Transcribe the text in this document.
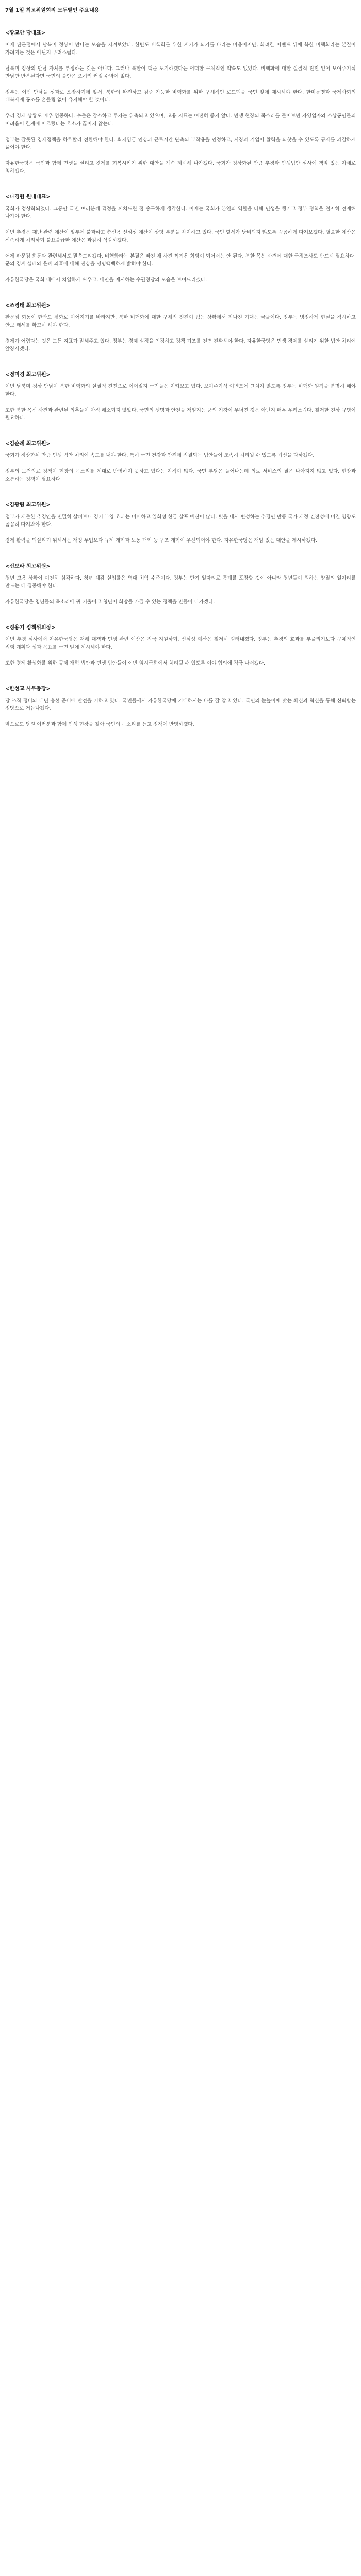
7월 1일 최고위원회의 모두발언 주요내용
<황교안 당대표>

어제 판문점에서 남북미 정상이 만나는 모습을 지켜보았다. 한반도 비핵화를 위한 계기가 되기를 바라는 마음이지만, 화려한 이벤트 뒤에 북한 비핵화라는 본질이 가려지는 것은 아닌지 우려스럽다.

남북미 정상의 만남 자체를 부정하는 것은 아니다. 그러나 북한이 핵을 포기하겠다는 어떠한 구체적인 약속도 없었다. 비핵화에 대한 실질적 진전 없이 보여주기식 만남만 반복된다면 국민의 불안은 오히려 커질 수밖에 없다.

정부는 이번 만남을 성과로 포장하기에 앞서, 북한의 완전하고 검증 가능한 비핵화를 위한 구체적인 로드맵을 국민 앞에 제시해야 한다. 한미동맹과 국제사회의 대북제재 공조를 흔들림 없이 유지해야 할 것이다.

우리 경제 상황도 매우 엄중하다. 수출은 감소하고 투자는 위축되고 있으며, 고용 지표는 여전히 좋지 않다. 민생 현장의 목소리를 들어보면 자영업자와 소상공인들의 어려움이 한계에 이르렀다는 호소가 끊이지 않는다.

정부는 잘못된 경제정책을 하루빨리 전환해야 한다. 최저임금 인상과 근로시간 단축의 부작용을 인정하고, 시장과 기업이 활력을 되찾을 수 있도록 규제를 과감하게 풀어야 한다.

자유한국당은 국민과 함께 민생을 살리고 경제를 회복시키기 위한 대안을 계속 제시해 나가겠다. 국회가 정상화된 만큼 추경과 민생법안 심사에 책임 있는 자세로 임하겠다.

<나경원 원내대표>

국회가 정상화되었다. 그동안 국민 여러분께 걱정을 끼쳐드린 점 송구하게 생각한다. 이제는 국회가 본연의 역할을 다해 민생을 챙기고 정부 정책을 철저히 견제해 나가야 한다.

이번 추경은 재난 관련 예산이 일부에 불과하고 총선용 선심성 예산이 상당 부분을 차지하고 있다. 국민 혈세가 낭비되지 않도록 꼼꼼하게 따져보겠다. 필요한 예산은 신속하게 처리하되 불요불급한 예산은 과감히 삭감하겠다.

어제 판문점 회동과 관련해서도 말씀드리겠다. 비핵화라는 본질은 빠진 채 사진 찍기용 회담이 되어서는 안 된다. 북한 목선 사건에 대한 국정조사도 반드시 필요하다. 군의 경계 실패와 은폐 의혹에 대해 진상을 명명백백하게 밝혀야 한다.

자유한국당은 국회 내에서 치열하게 싸우고, 대안을 제시하는 수권정당의 모습을 보여드리겠다.

<조경태 최고위원>

판문점 회동이 한반도 평화로 이어지기를 바라지만, 북한 비핵화에 대한 구체적 진전이 없는 상황에서 지나친 기대는 금물이다. 정부는 냉정하게 현실을 직시하고 안보 태세를 확고히 해야 한다.

경제가 어렵다는 것은 모든 지표가 말해주고 있다. 정부는 경제 실정을 인정하고 정책 기조를 전면 전환해야 한다. 자유한국당은 민생 경제를 살리기 위한 법안 처리에 앞장서겠다.

<정미경 최고위원>

이번 남북미 정상 만남이 북한 비핵화의 실질적 진전으로 이어질지 국민들은 지켜보고 있다. 보여주기식 이벤트에 그치지 않도록 정부는 비핵화 원칙을 분명히 해야 한다.

또한 북한 목선 사건과 관련된 의혹들이 아직 해소되지 않았다. 국민의 생명과 안전을 책임지는 군의 기강이 무너진 것은 아닌지 매우 우려스럽다. 철저한 진상 규명이 필요하다.

<김순례 최고위원>

국회가 정상화된 만큼 민생 법안 처리에 속도를 내야 한다. 특히 국민 건강과 안전에 직결되는 법안들이 조속히 처리될 수 있도록 최선을 다하겠다.

정부의 보건의료 정책이 현장의 목소리를 제대로 반영하지 못하고 있다는 지적이 많다. 국민 부담은 늘어나는데 의료 서비스의 질은 나아지지 않고 있다. 현장과 소통하는 정책이 필요하다.

<김광림 최고위원>

정부가 제출한 추경안을 면밀히 살펴보니 경기 부양 효과는 미미하고 일회성 현금 살포 예산이 많다. 빚을 내서 편성하는 추경인 만큼 국가 재정 건전성에 미칠 영향도 꼼꼼히 따져봐야 한다.

경제 활력을 되살리기 위해서는 재정 투입보다 규제 개혁과 노동 개혁 등 구조 개혁이 우선되어야 한다. 자유한국당은 책임 있는 대안을 제시하겠다.

<신보라 최고위원>

청년 고용 상황이 여전히 심각하다. 청년 체감 실업률은 역대 최악 수준이다. 정부는 단기 일자리로 통계를 포장할 것이 아니라 청년들이 원하는 양질의 일자리를 만드는 데 집중해야 한다.

자유한국당은 청년들의 목소리에 귀 기울이고 청년이 희망을 가질 수 있는 정책을 만들어 나가겠다.

<정용기 정책위의장>

이번 추경 심사에서 자유한국당은 재해 대책과 민생 관련 예산은 적극 지원하되, 선심성 예산은 철저히 걸러내겠다. 정부는 추경의 효과를 부풀리기보다 구체적인 집행 계획과 성과 목표를 국민 앞에 제시해야 한다.

또한 경제 활성화를 위한 규제 개혁 법안과 민생 법안들이 이번 임시국회에서 처리될 수 있도록 여야 협의에 적극 나서겠다.

<한선교 사무총장>

당 조직 정비와 내년 총선 준비에 만전을 기하고 있다. 국민들께서 자유한국당에 기대하시는 바를 잘 알고 있다. 국민의 눈높이에 맞는 쇄신과 혁신을 통해 신뢰받는 정당으로 거듭나겠다.

앞으로도 당원 여러분과 함께 민생 현장을 찾아 국민의 목소리를 듣고 정책에 반영하겠다.
